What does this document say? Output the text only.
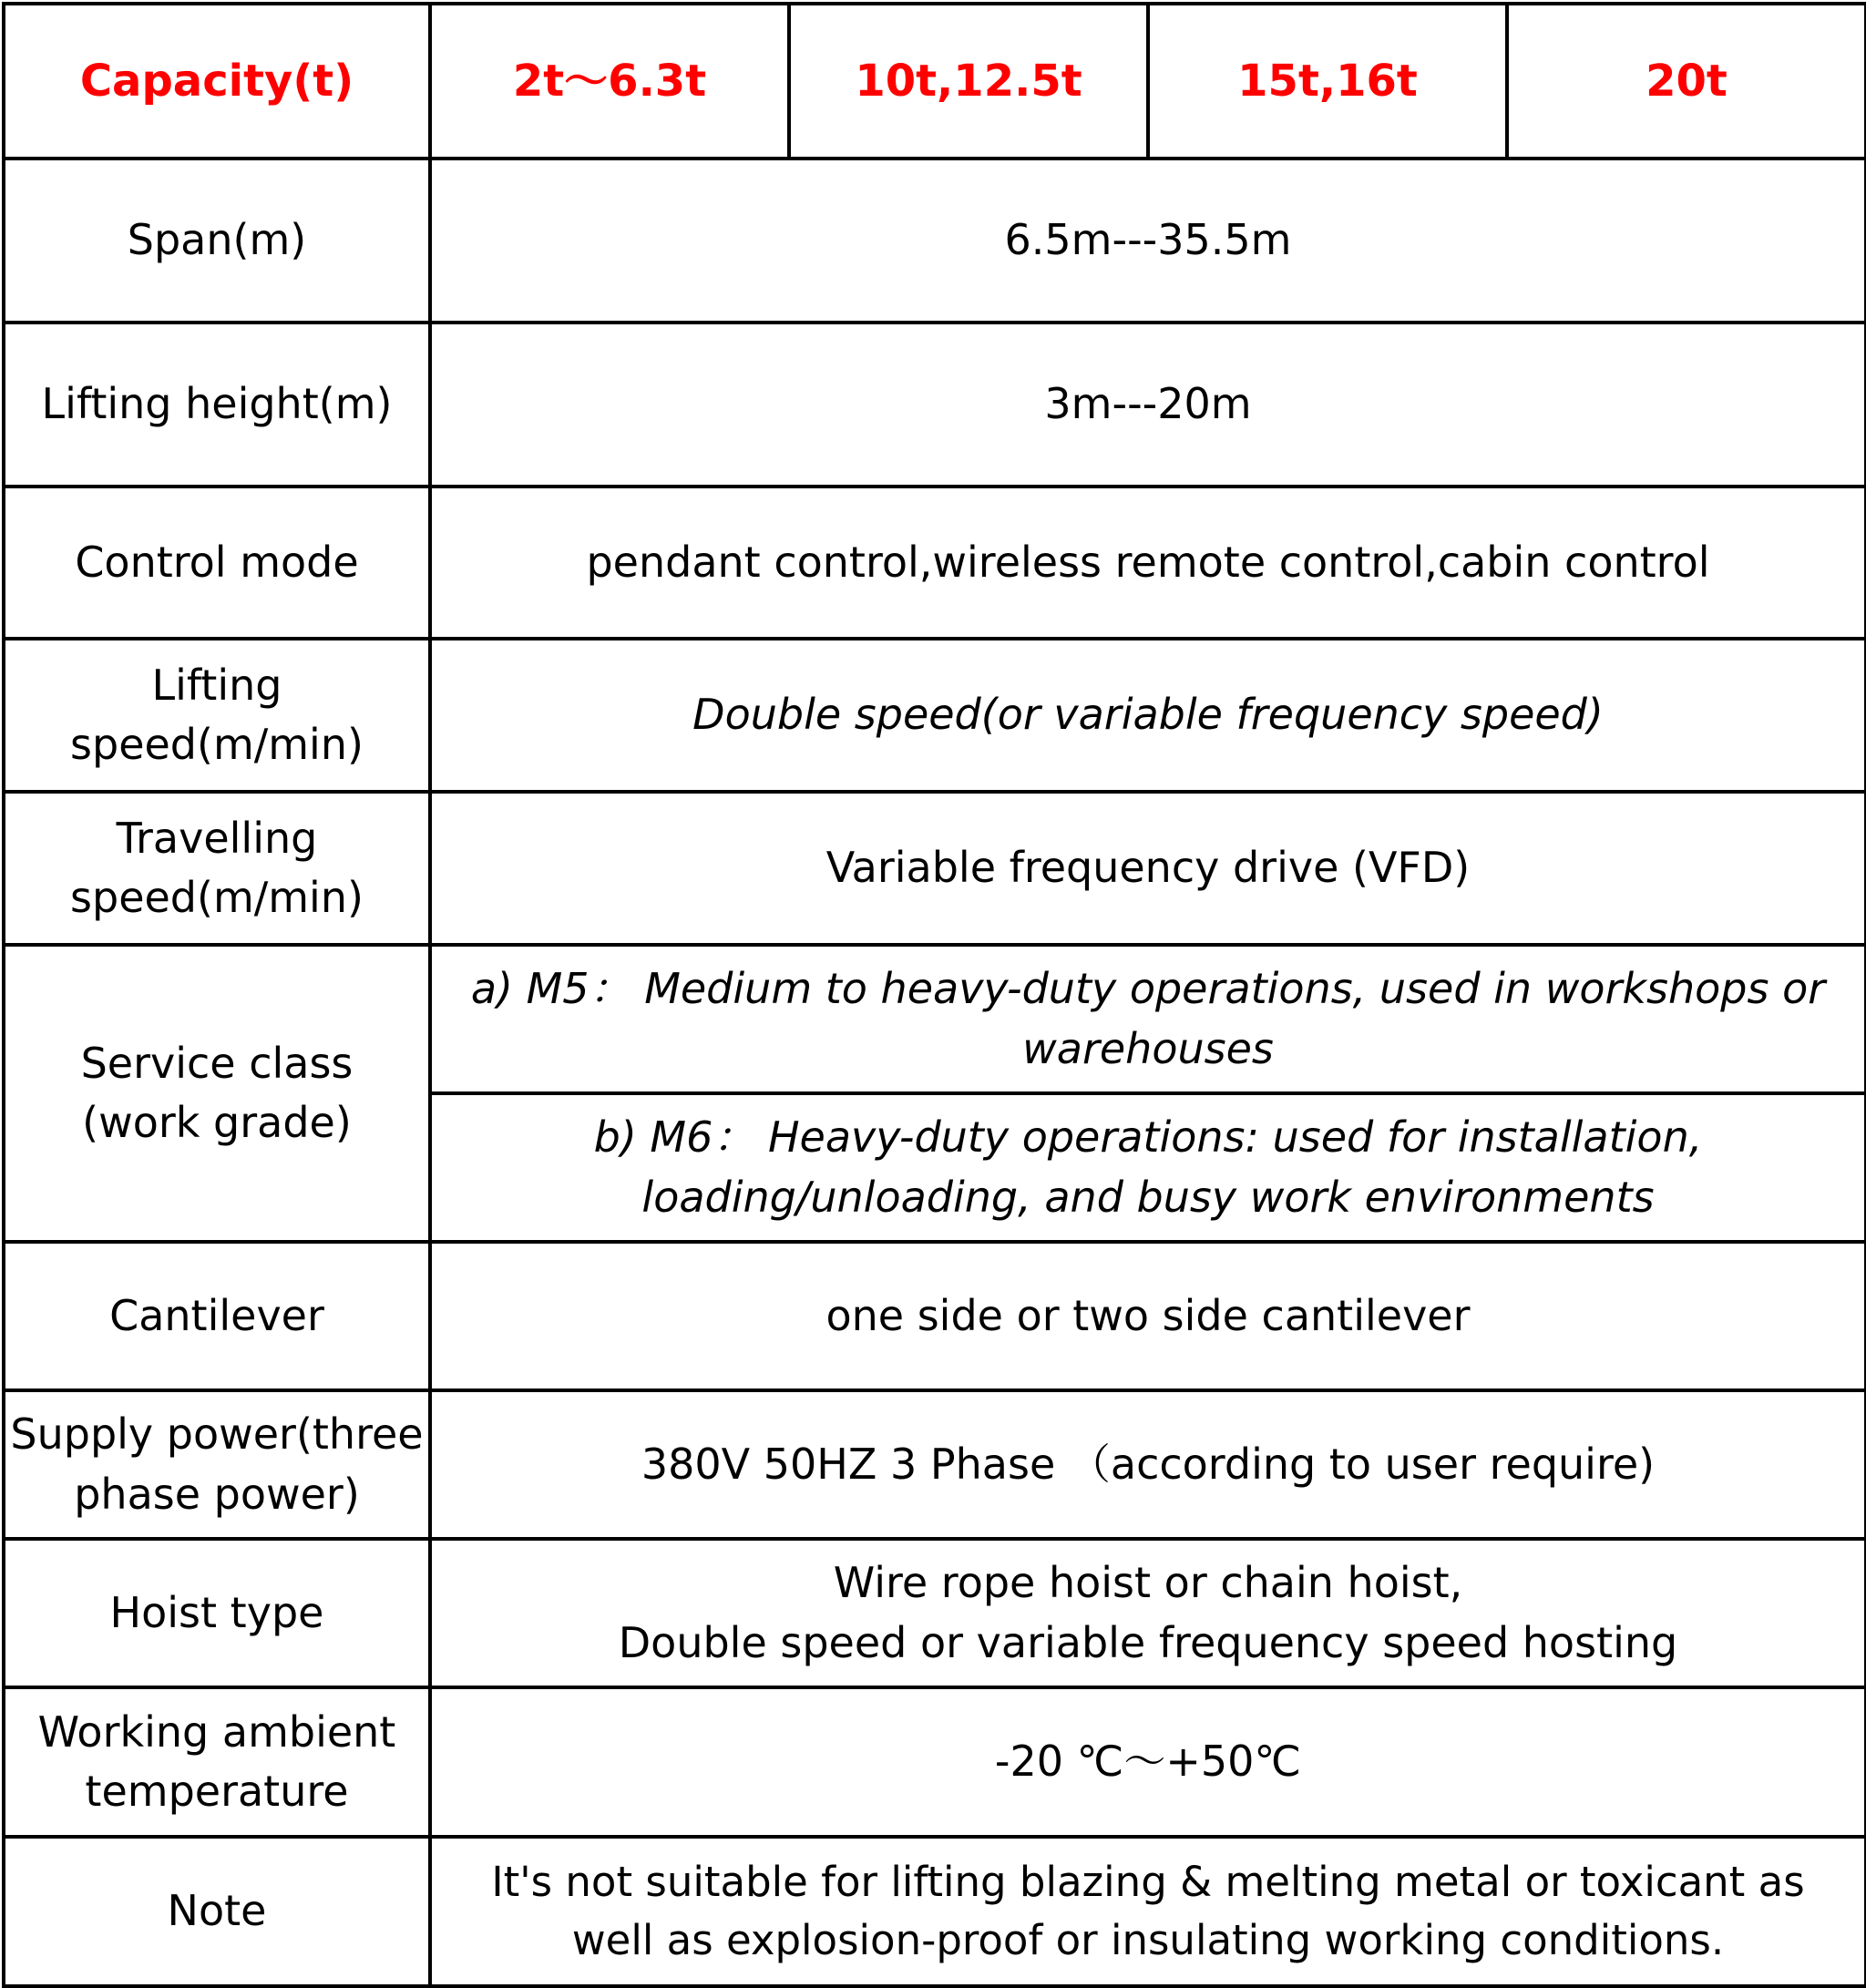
Capacity(t)	2t～6.3t	10t,12.5t	15t,16t	20t
Span(m)	6.5m---35.5m			
Lifting height(m)	3m---20m			
Control mode	pendant control,wireless remote control,cabin control			

Lifting
speed(m/min)	Double speed(or variable frequency speed)			

Travelling
speed(m/min)	Variable frequency drive (VFD)			

Service class
(work grade)	a) M5： Medium to heavy-duty operations, used in workshops or warehouses			
	b) M6： Heavy-duty operations: used for installation, loading/unloading, and busy work environments			
Cantilever	one side or two side cantilever			

Supply power(three
phase power)	380V 50HZ 3 Phase （according to user require)			
Hoist type	Wire rope hoist or chain hoist,
Double speed or variable frequency speed hosting			

Working ambient
temperature	-20 ℃～+50℃			
Note	It's not suitable for lifting blazing & melting metal or toxicant as well as explosion-proof or insulating working conditions.			
